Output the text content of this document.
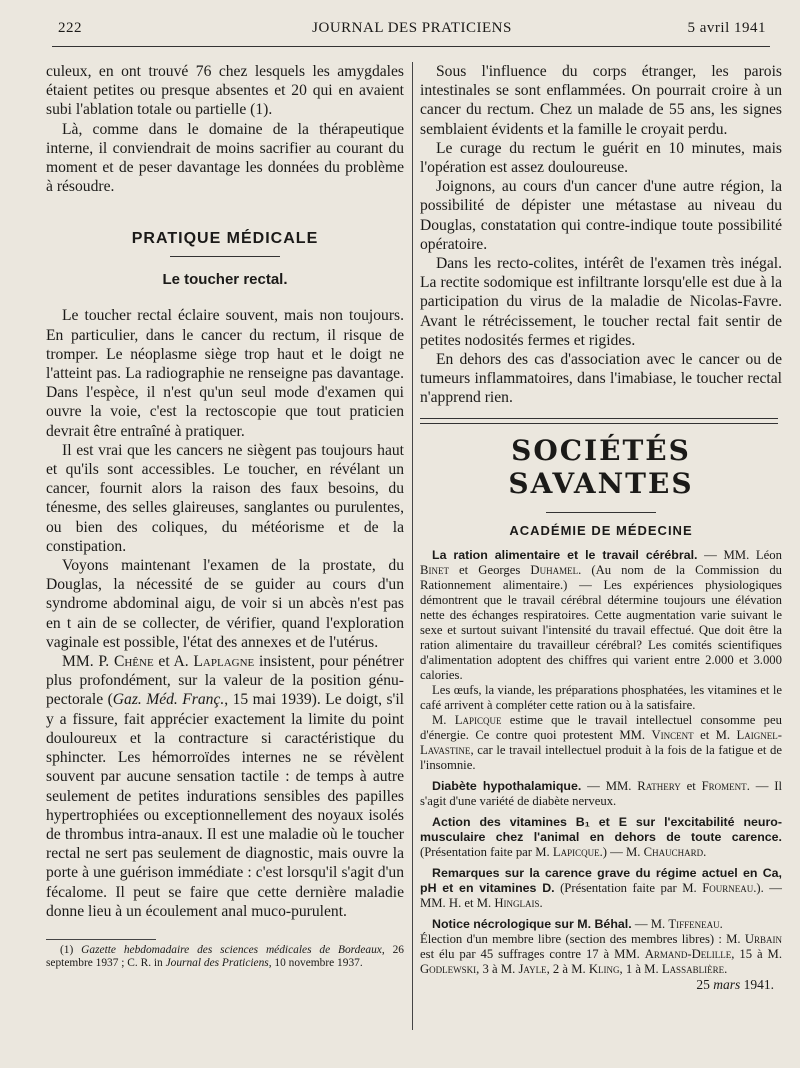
222	JOURNAL DES PRATICIENS	5 avril 1941

culeux, en ont trouvé 76 chez lesquels les amygdales étaient petites ou presque absentes et 20 qui en avaient subi l'ablation totale ou partielle (1).

Là, comme dans le domaine de la thérapeutique interne, il conviendrait de moins sacrifier au courant du moment et de peser davantage les données du problème à résoudre.

PRATIQUE MÉDICALE

Le toucher rectal.

Le toucher rectal éclaire souvent, mais non toujours. En particulier, dans le cancer du rectum, il risque de tromper. Le néoplasme siège trop haut et le doigt ne l'atteint pas. La radiographie ne renseigne pas davantage. Dans l'espèce, il n'est qu'un seul mode d'examen qui ouvre la voie, c'est la rectoscopie que tout praticien devrait être entraîné à pratiquer.

Il est vrai que les cancers ne siègent pas toujours haut et qu'ils sont accessibles. Le toucher, en révélant un cancer, fournit alors la raison des faux besoins, du ténesme, des selles glaireuses, sanglantes ou purulentes, ou bien des coliques, du météorisme et de la constipation.

Voyons maintenant l'examen de la prostate, du Douglas, la nécessité de se guider au cours d'un syndrome abdominal aigu, de voir si un abcès n'est pas en t ain de se collecter, de vérifier, quand l'exploration vaginale est possible, l'état des annexes et de l'utérus.

MM. P. Chêne et A. Laplagne insistent, pour pénétrer plus profondément, sur la valeur de la position génu-pectorale (Gaz. Méd. Franç., 15 mai 1939). Le doigt, s'il y a fissure, fait apprécier exactement la limite du point douloureux et la contracture si caractéristique du sphincter. Les hémorroïdes internes ne se révèlent souvent par aucune sensation tactile : de temps à autre seulement de petites indurations sensibles des papilles hypertrophiées ou exceptionnellement des noyaux isolés de thrombus intra-anaux. Il est une maladie où le toucher rectal ne sert pas seulement de diagnostic, mais ouvre la porte à une guérison immédiate : c'est lorsqu'il s'agit d'un fécalome. Il peut se faire que cette dernière maladie donne lieu à un écoulement anal muco-purulent.

(1) Gazette hebdomadaire des sciences médicales de Bordeaux, 26 septembre 1937 ; C. R. in Journal des Praticiens, 10 novembre 1937.

Sous l'influence du corps étranger, les parois intestinales se sont enflammées. On pourrait croire à un cancer du rectum. Chez un malade de 55 ans, les signes semblaient évidents et la famille le croyait perdu.

Le curage du rectum le guérit en 10 minutes, mais l'opération est assez douloureuse.

Joignons, au cours d'un cancer d'une autre région, la possibilité de dépister une métastase au niveau du Douglas, constatation qui contre-indique toute possibilité opératoire.

Dans les recto-colites, intérêt de l'examen très inégal. La rectite sodomique est infiltrante lorsqu'elle est due à la participation du virus de la maladie de Nicolas-Favre. Avant le rétrécissement, le toucher rectal fait sentir de petites nodosités fermes et rigides.

En dehors des cas d'association avec le cancer ou de tumeurs inflammatoires, dans l'imabiase, le toucher rectal n'apprend rien.

SOCIÉTÉS SAVANTES

ACADÉMIE DE MÉDECINE

La ration alimentaire et le travail cérébral. — MM. Léon Binet et Georges Duhamel. (Au nom de la Commission du Rationnement alimentaire.) — Les expériences physiologiques démontrent que le travail cérébral détermine toujours une élévation nette des échanges respiratoires. Cette augmentation varie suivant le sexe et surtout suivant l'intensité du travail effectué. Que doit être la ration alimentaire du travailleur cérébral? Les comités scientifiques d'alimentation adoptent des chiffres qui varient entre 2.000 et 3.000 calories.

Les œufs, la viande, les préparations phosphatées, les vitamines et le café arrivent à compléter cette ration ou à la satisfaire.

M. Lapicque estime que le travail intellectuel consomme peu d'énergie. Ce contre quoi protestent MM. Vincent et M. Laignel-Lavastine, car le travail intellectuel produit à la fois de la fatigue et de l'insomnie.

Diabète hypothalamique. — MM. Rathery et Froment. — Il s'agit d'une variété de diabète nerveux.

Action des vitamines B₁ et E sur l'excitabilité neuro-musculaire chez l'animal en dehors de toute carence. (Présentation faite par M. Lapicque.) — M. Chauchard.

Remarques sur la carence grave du régime actuel en Ca, pH et en vitamines D. (Présentation faite par M. Fourneau.). — MM. H. et M. Hinglais.

Notice nécrologique sur M. Béhal. — M. Tiffeneau.

Élection d'un membre libre (section des membres libres) : M. Urbain est élu par 45 suffrages contre 17 à MM. Armand-Delille, 15 à M. Godlewski, 3 à M. Jayle, 2 à M. Kling, 1 à M. Lassablière.

25 mars 1941.
